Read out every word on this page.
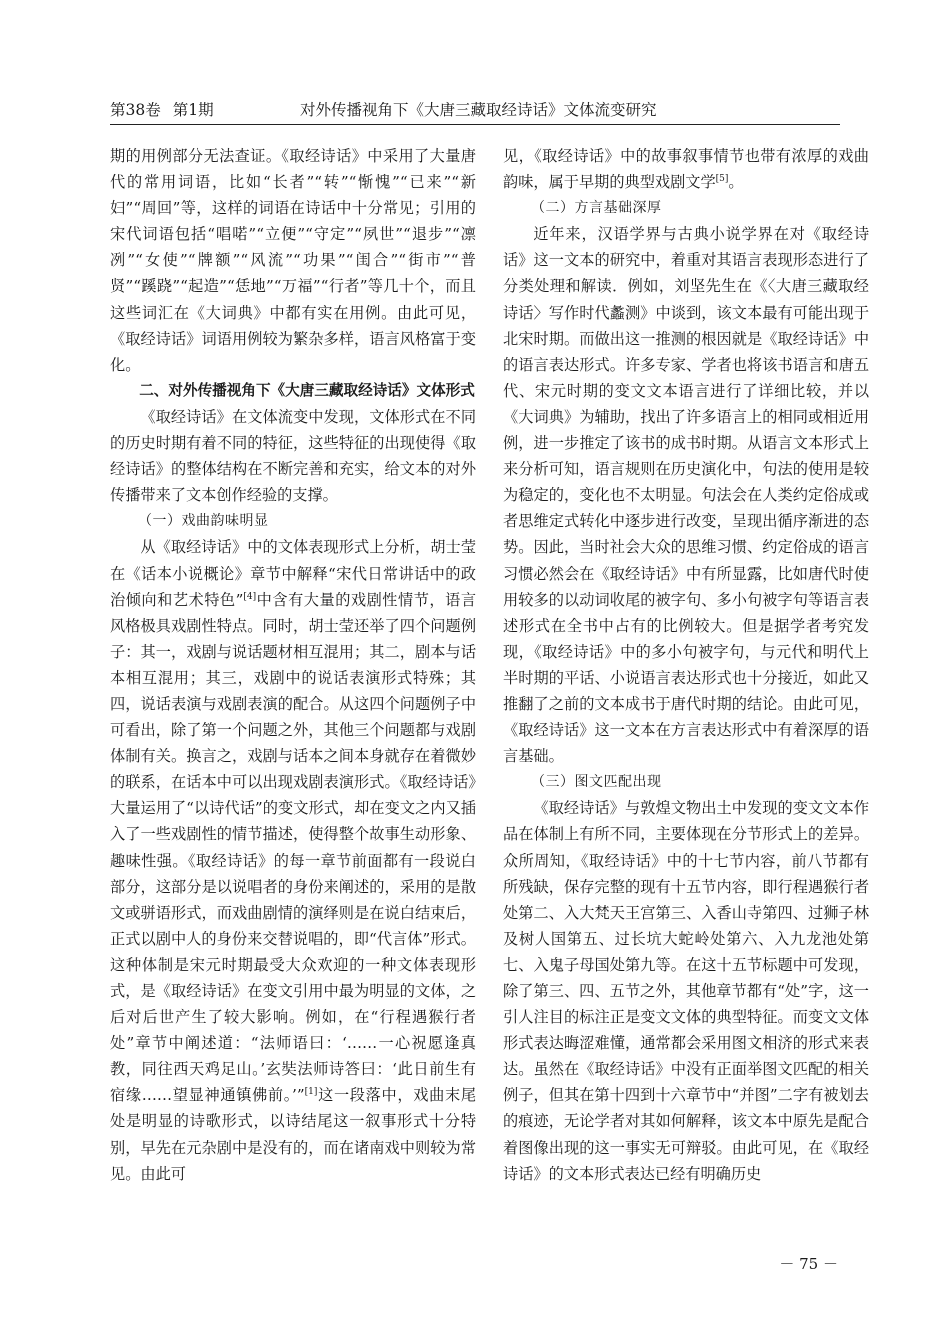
第38卷 第1期	对外传播视角下《大唐三藏取经诗话》文体流变研究

期的用例部分无法查证。《取经诗话》中采用了大量唐代的常用词语，比如“长者”“转”“惭愧”“已来”“新妇”“周回”等，这样的词语在诗话中十分常见；引用的宋代词语包括“唱喏”“立便”“守定”“夙世”“退步”“凛冽”“女使”“牌额”“风流”“功果”“闺合”“街市”“普贤”“蹊跷”“起造”“恁地”“万福”“行者”等几十个，而且这些词汇在《大词典》中都有实在用例。由此可见，《取经诗话》词语用例较为繁杂多样，语言风格富于变化。

二、对外传播视角下《大唐三藏取经诗话》文体形式

《取经诗话》在文体流变中发现，文体形式在不同的历史时期有着不同的特征，这些特征的出现使得《取经诗话》的整体结构在不断完善和充实，给文本的对外传播带来了文本创作经验的支撑。

（一）戏曲韵味明显

从《取经诗话》中的文体表现形式上分析，胡士莹在《话本小说概论》章节中解释“宋代日常讲话中的政治倾向和艺术特色”[4]中含有大量的戏剧性情节，语言风格极具戏剧性特点。同时，胡士莹还举了四个问题例子：其一，戏剧与说话题材相互混用；其二，剧本与话本相互混用；其三，戏剧中的说话表演形式特殊；其四，说话表演与戏剧表演的配合。从这四个问题例子中可看出，除了第一个问题之外，其他三个问题都与戏剧体制有关。换言之，戏剧与话本之间本身就存在着微妙的联系，在话本中可以出现戏剧表演形式。《取经诗话》大量运用了“以诗代话”的变文形式，却在变文之内又插入了一些戏剧性的情节描述，使得整个故事生动形象、趣味性强。《取经诗话》的每一章节前面都有一段说白部分，这部分是以说唱者的身份来阐述的，采用的是散文或骈语形式，而戏曲剧情的演绎则是在说白结束后，正式以剧中人的身份来交替说唱的，即“代言体”形式。这种体制是宋元时期最受大众欢迎的一种文体表现形式，是《取经诗话》在变文引用中最为明显的文体，之后对后世产生了较大影响。例如，在“行程遇猴行者处”章节中阐述道：“法师语曰：‘……一心祝愿逢真教，同往西天鸡足山。’玄奘法师诗答曰：‘此日前生有宿缘……望显神通镇佛前。’”[1]这一段落中，戏曲末尾处是明显的诗歌形式，以诗结尾这一叙事形式十分特别，早先在元杂剧中是没有的，而在诸南戏中则较为常见。由此可

见，《取经诗话》中的故事叙事情节也带有浓厚的戏曲韵味，属于早期的典型戏剧文学[5]。

（二）方言基础深厚

近年来，汉语学界与古典小说学界在对《取经诗话》这一文本的研究中，着重对其语言表现形态进行了分类处理和解读．例如，刘坚先生在《〈大唐三藏取经诗话〉写作时代蠡测》中谈到，该文本最有可能出现于北宋时期。而做出这一推测的根因就是《取经诗话》中的语言表达形式。许多专家、学者也将该书语言和唐五代、宋元时期的变文文本语言进行了详细比较，并以《大词典》为辅助，找出了许多语言上的相同或相近用例，进一步推定了该书的成书时期。从语言文本形式上来分析可知，语言规则在历史演化中，句法的使用是较为稳定的，变化也不太明显。句法会在人类约定俗成或者思维定式转化中逐步进行改变，呈现出循序渐进的态势。因此，当时社会大众的思维习惯、约定俗成的语言习惯必然会在《取经诗话》中有所显露，比如唐代时使用较多的以动词收尾的被字句、多小句被字句等语言表述形式在全书中占有的比例较大。但是据学者考究发现，《取经诗话》中的多小句被字句，与元代和明代上半时期的平话、小说语言表达形式也十分接近，如此又推翻了之前的文本成书于唐代时期的结论。由此可见，《取经诗话》这一文本在方言表达形式中有着深厚的语言基础。

（三）图文匹配出现

《取经诗话》与敦煌文物出土中发现的变文文本作品在体制上有所不同，主要体现在分节形式上的差异。众所周知，《取经诗话》中的十七节内容，前八节都有所残缺，保存完整的现有十五节内容，即行程遇猴行者处第二、入大梵天王宫第三、入香山寺第四、过狮子林及树人国第五、过长坑大蛇岭处第六、入九龙池处第七、入鬼子母国处第九等。在这十五节标题中可发现，除了第三、四、五节之外，其他章节都有“处”字，这一引人注目的标注正是变文文体的典型特征。而变文文体形式表达晦涩难懂，通常都会采用图文相济的形式来表达。虽然在《取经诗话》中没有正面举图文匹配的相关例子，但其在第十四到十六章节中“并图”二字有被划去的痕迹，无论学者对其如何解释，该文本中原先是配合着图像出现的这一事实无可辩驳。由此可见，在《取经诗话》的文本形式表达已经有明确历史

－ 75 －
